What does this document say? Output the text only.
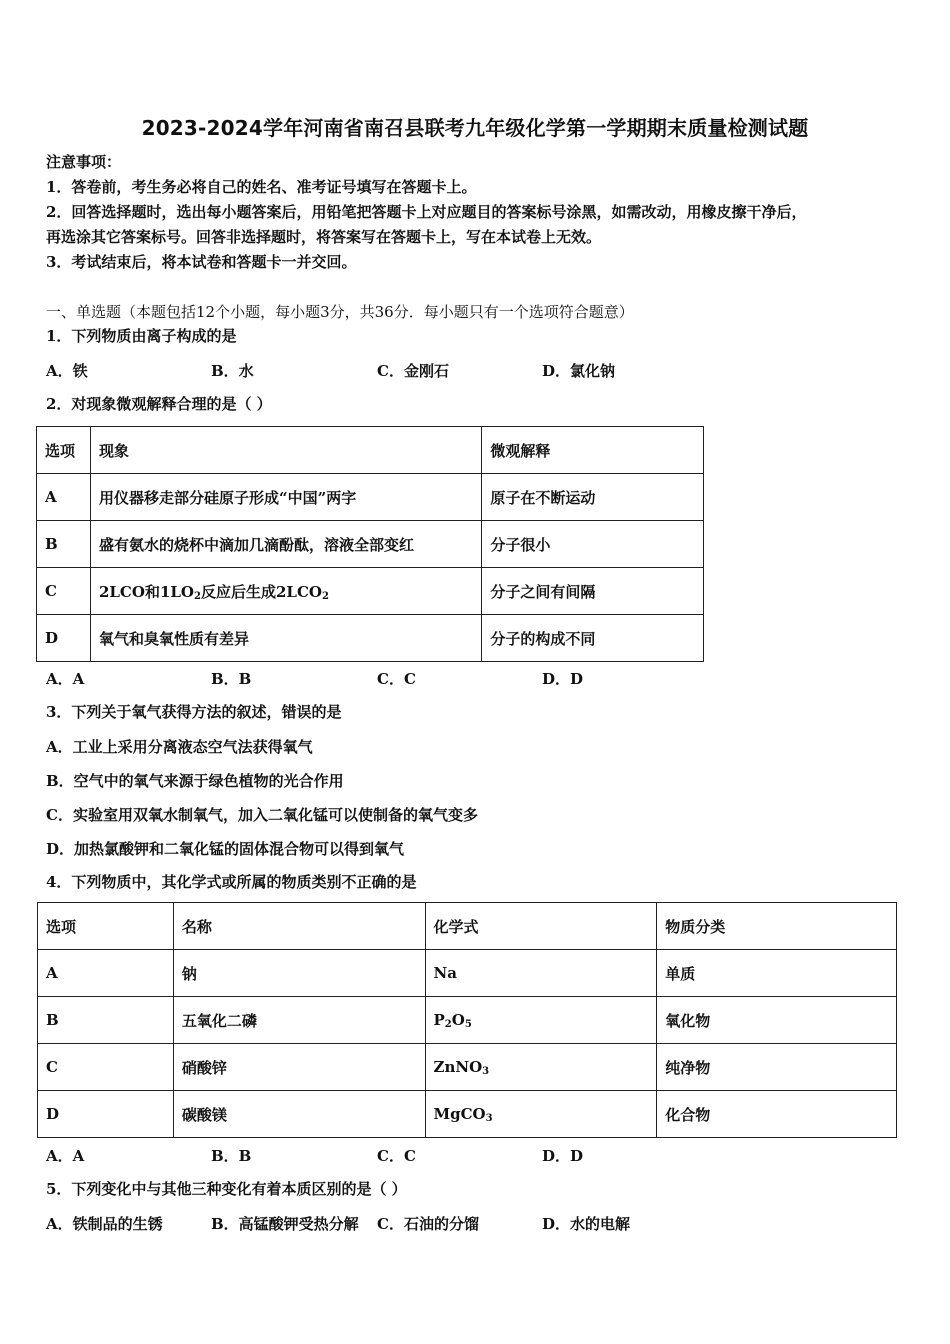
2023-2024学年河南省南召县联考九年级化学第一学期期末质量检测试题
注意事项：
1．答卷前，考生务必将自己的姓名、准考证号填写在答题卡上。
2．回答选择题时，选出每小题答案后，用铅笔把答题卡上对应题目的答案标号涂黑，如需改动，用橡皮擦干净后，
再选涂其它答案标号。回答非选择题时，将答案写在答题卡上，写在本试卷上无效。
3．考试结束后，将本试卷和答题卡一并交回。
一、单选题（本题包括12个小题，每小题3分，共36分．每小题只有一个选项符合题意）
1．下列物质由离子构成的是
A．铁	B．水	C．金刚石	D．氯化钠
2．对现象微观解释合理的是（ ）
选项	现象	微观解释
A	用仪器移走部分硅原子形成“中国”两字	原子在不断运动
B	盛有氨水的烧杯中滴加几滴酚酞，溶液全部变红	分子很小
C	2LCO和$1LO_2$反应后生成$2LCO_2$	分子之间有间隔
D	氧气和臭氧性质有差异	分子的构成不同
A．A	B．B	C．C	D．D
3．下列关于氧气获得方法的叙述，错误的是
A．工业上采用分离液态空气法获得氧气
B．空气中的氧气来源于绿色植物的光合作用
C．实验室用双氧水制氧气，加入二氧化锰可以使制备的氧气变多
D．加热氯酸钾和二氧化锰的固体混合物可以得到氧气
4．下列物质中，其化学式或所属的物质类别不正确的是
选项	名称	化学式	物质分类
A	钠	Na	单质
B	五氧化二磷	$P_2O_5$	氧化物
C	硝酸锌	ZnNO$_3$	纯净物
D	碳酸镁	MgCO$_3$	化合物
A．A	B．B	C．C	D．D
5．下列变化中与其他三种变化有着本质区别的是（ ）
A．铁制品的生锈	B．高锰酸钾受热分解 C．石油的分馏	D．水的电解
